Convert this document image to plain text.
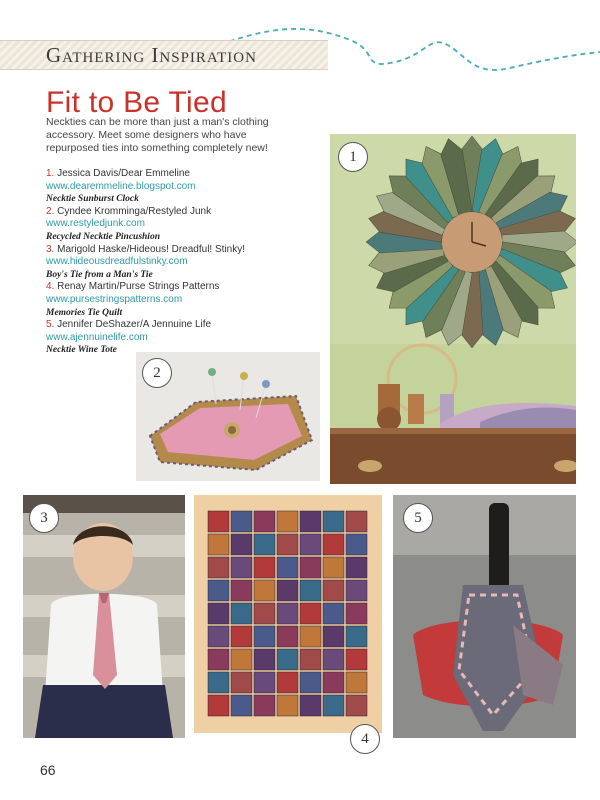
Gathering Inspiration
Fit to Be Tied

Neckties can be more than just a man's clothing accessory. Meet some designers who have repurposed ties into something completely new!

1. Jessica Davis/Dear Emmeline
www.dearemmeline.blogspot.com
Necktie Sunburst Clock
2. Cyndee Kromminga/Restyled Junk
www.restyledjunk.com
Recycled Necktie Pincushion
3. Marigold Haske/Hideous! Dreadful! Stinky!
www.hideousdreadfulstinky.com
Boy's Tie from a Man's Tie
4. Renay Martin/Purse Strings Patterns
www.pursestringspatterns.com
Memories Tie Quilt
5. Jennifer DeShazer/A Jennuine Life
www.ajennuinelife.com
Necktie Wine Tote
1
2
3
4
5
66
